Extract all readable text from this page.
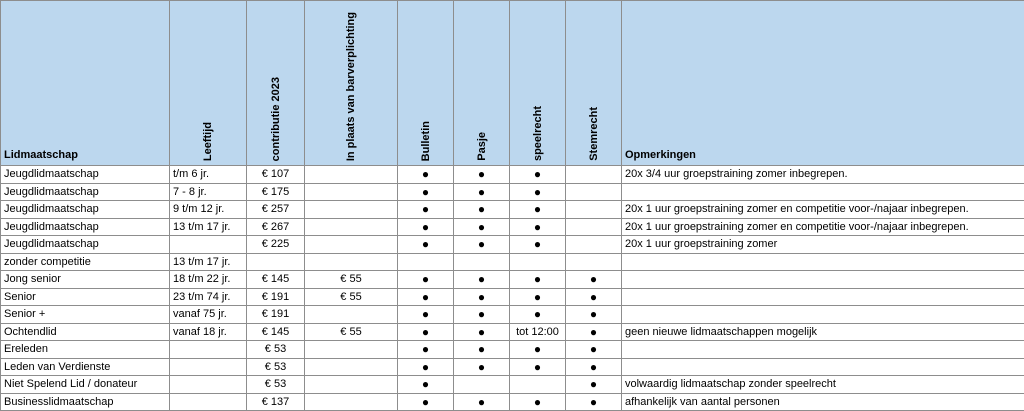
Lidmaatschap	Leeftijd	contributie 2023	In plaats van barverplichting	Bulletin	Pasje	speelrecht	Stemrecht	Opmerkingen
Jeugdlidmaatschap	t/m 6 jr.	€ 107		●	●	●		20x 3/4 uur groepstraining zomer inbegrepen.
Jeugdlidmaatschap	7 - 8 jr.	€ 175		●	●	●		
Jeugdlidmaatschap	9 t/m 12 jr.	€ 257		●	●	●		20x 1 uur groepstraining zomer en competitie voor-/najaar inbegrepen.
Jeugdlidmaatschap	13 t/m 17 jr.	€ 267		●	●	●		20x 1 uur groepstraining zomer en competitie voor-/najaar inbegrepen.
Jeugdlidmaatschap		€ 225		●	●	●		20x 1 uur groepstraining zomer
zonder competitie	13 t/m 17 jr.							
Jong senior	18 t/m 22 jr.	€ 145	€ 55	●	●	●	●	
Senior	23 t/m 74 jr.	€ 191	€ 55	●	●	●	●	
Senior +	vanaf 75 jr.	€ 191		●	●	●	●	
Ochtendlid	vanaf 18 jr.	€ 145	€ 55	●	●	tot 12:00	●	geen nieuwe lidmaatschappen mogelijk
Ereleden		€ 53		●	●	●	●	
Leden van Verdienste		€ 53		●	●	●	●	
Niet Spelend Lid / donateur		€ 53		●			●	volwaardig lidmaatschap zonder speelrecht
Businesslidmaatschap		€ 137		●	●	●	●	afhankelijk van aantal personen
